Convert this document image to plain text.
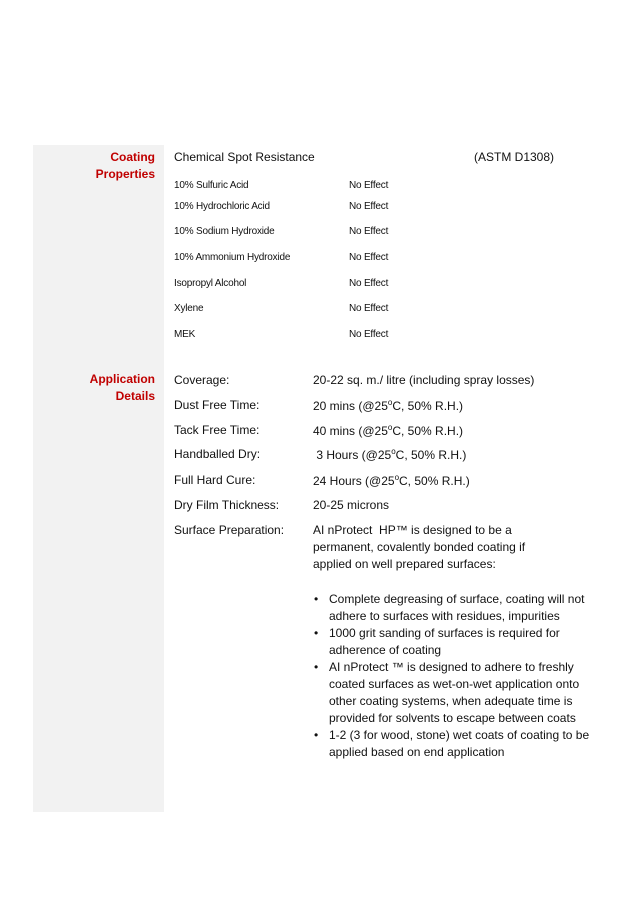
Coating
Properties
Chemical Spot Resistance	(ASTM D1308)
10% Sulfuric Acid	No Effect
10% Hydrochloric Acid	No Effect
10% Sodium Hydroxide	No Effect
10% Ammonium Hydroxide	No Effect
Isopropyl Alcohol	No Effect
Xylene	No Effect
MEK	No Effect
Application
Details
Coverage:	20-22 sq. m./ litre (including spray losses)
Dust Free Time:	20 mins (@25$^o$C, 50% R.H.)
Tack Free Time:	40 mins (@25$^o$C, 50% R.H.)
Handballed Dry:	3 Hours (@25$^o$C, 50% R.H.)
Full Hard Cure:	24 Hours (@25$^o$C, 50% R.H.)
Dry Film Thickness:	20-25 microns
Surface Preparation: AI nProtect  HP™ is designed to be a permanent, covalently bonded coating if applied on well prepared surfaces:
• Complete degreasing of surface, coating will not adhere to surfaces with residues, impurities
• 1000 grit sanding of surfaces is required for adherence of coating
• AI nProtect ™ is designed to adhere to freshly coated surfaces as wet-on-wet application onto other coating systems, when adequate time is provided for solvents to escape between coats
• 1-2 (3 for wood, stone) wet coats of coating to be applied based on end application
